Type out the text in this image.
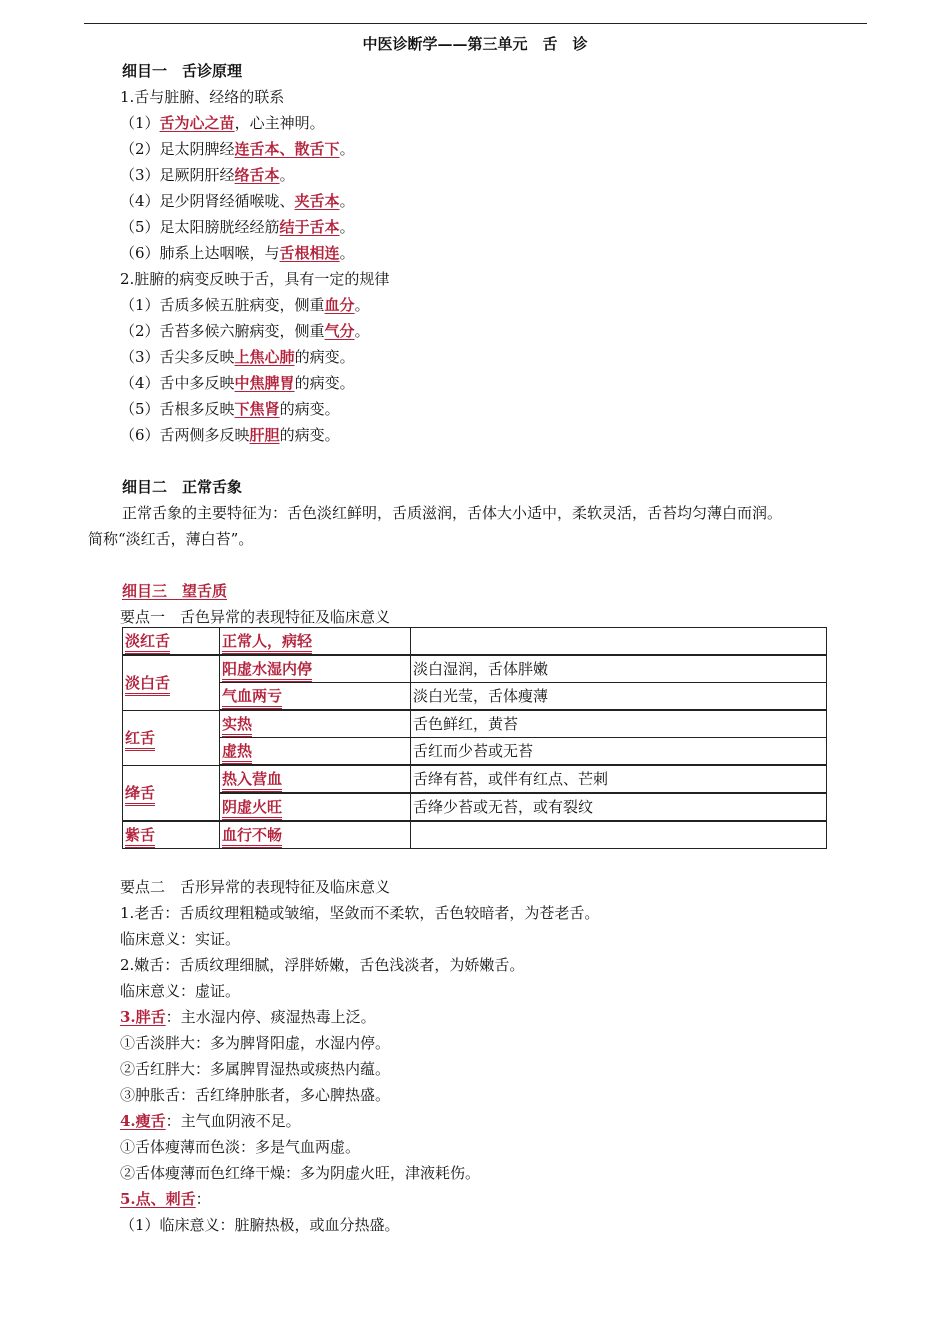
中医诊断学——第三单元　舌　诊
细目一　舌诊原理
1.舌与脏腑、经络的联系
（1）舌为心之苗，心主神明。
（2）足太阴脾经连舌本、散舌下。
（3）足厥阴肝经络舌本。
（4）足少阴肾经循喉咙、夹舌本。
（5）足太阳膀胱经经筋结于舌本。
（6）肺系上达咽喉，与舌根相连。
2.脏腑的病变反映于舌，具有一定的规律
（1）舌质多候五脏病变，侧重血分。
（2）舌苔多候六腑病变，侧重气分。
（3）舌尖多反映上焦心肺的病变。
（4）舌中多反映中焦脾胃的病变。
（5）舌根多反映下焦肾的病变。
（6）舌两侧多反映肝胆的病变。
细目二　正常舌象
正常舌象的主要特征为：舌色淡红鲜明，舌质滋润，舌体大小适中，柔软灵活，舌苔均匀薄白而润。
简称“淡红舌，薄白苔”。
细目三　望舌质
要点一　舌色异常的表现特征及临床意义
淡红舌	正常人，病轻	
淡白舌	阳虚水湿内停	淡白湿润，舌体胖嫩
	气血两亏	淡白光莹，舌体瘦薄
红舌	实热	舌色鲜红，黄苔
	虚热	舌红而少苔或无苔
绛舌	热入营血	舌绛有苔，或伴有红点、芒刺
	阴虚火旺	舌绛少苔或无苔，或有裂纹
紫舌	血行不畅	
要点二　舌形异常的表现特征及临床意义
1.老舌：舌质纹理粗糙或皱缩，坚敛而不柔软，舌色较暗者，为苍老舌。
临床意义：实证。
2.嫩舌：舌质纹理细腻，浮胖娇嫩，舌色浅淡者，为娇嫩舌。
临床意义：虚证。
3.胖舌：主水湿内停、痰湿热毒上泛。
①舌淡胖大：多为脾肾阳虚，水湿内停。
②舌红胖大：多属脾胃湿热或痰热内蕴。
③肿胀舌：舌红绛肿胀者，多心脾热盛。
4.瘦舌：主气血阴液不足。
①舌体瘦薄而色淡：多是气血两虚。
②舌体瘦薄而色红绛干燥：多为阴虚火旺，津液耗伤。
5.点、刺舌：
（1）临床意义：脏腑热极，或血分热盛。
